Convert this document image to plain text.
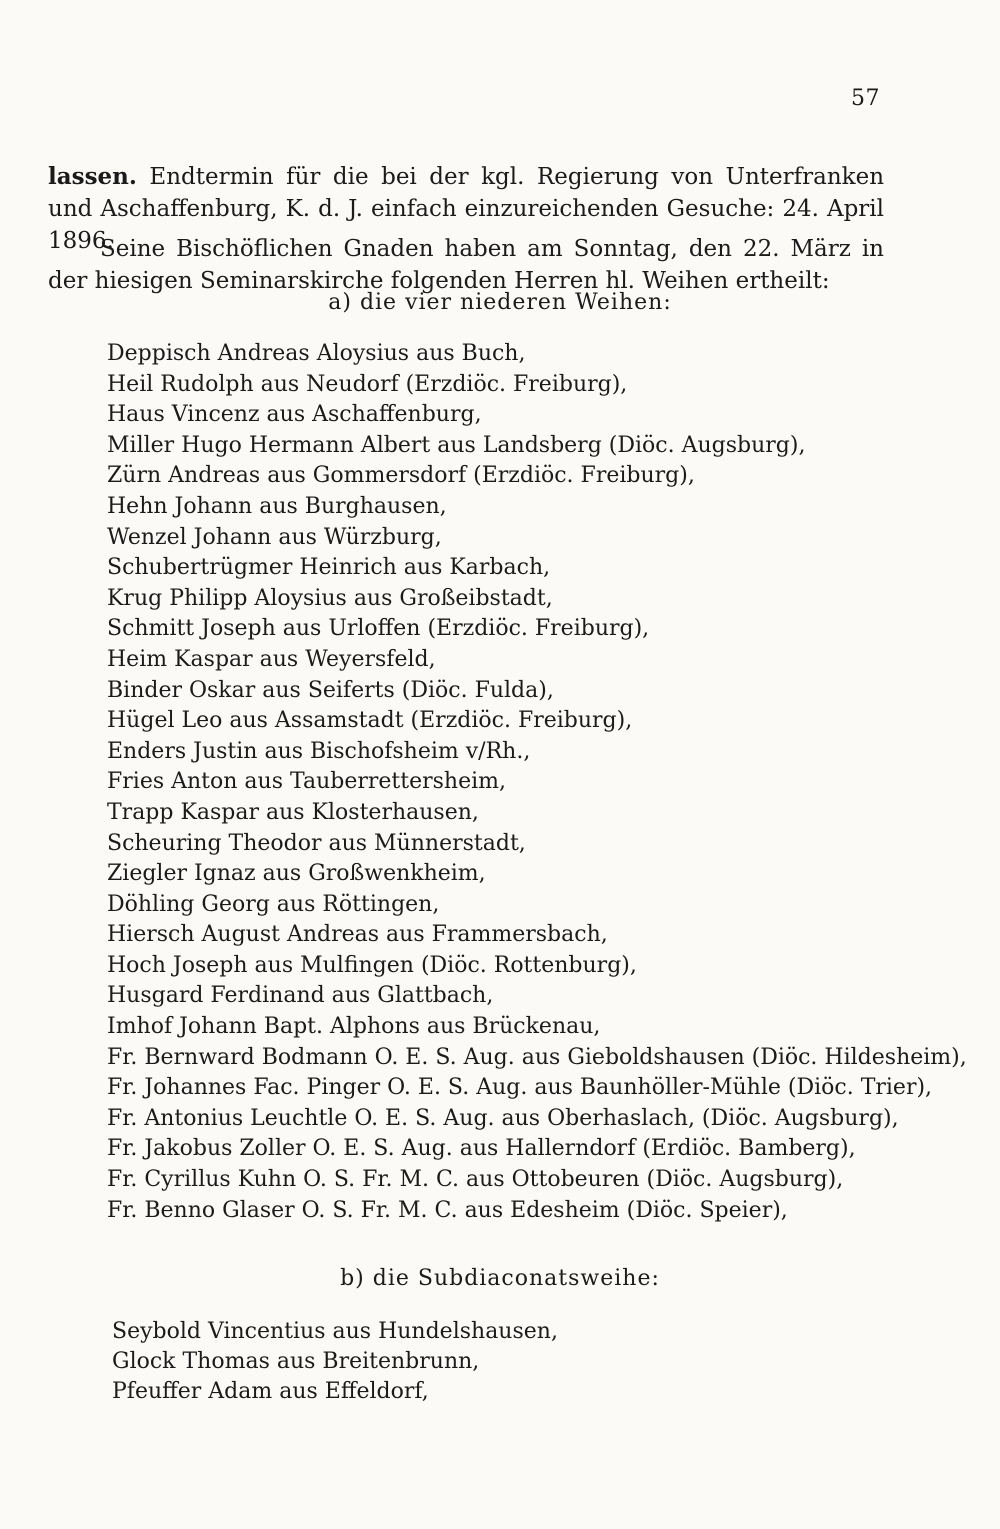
57

lassen. Endtermin für die bei der kgl. Regierung von Unterfranken und Aschaffenburg, K. d. J. einfach einzureichenden Gesuche: 24. April 1896.

Seine Bischöflichen Gnaden haben am Sonntag, den 22. März in der hiesigen Seminarskirche folgenden Herren hl. Weihen ertheilt:

a) die vier niederen Weihen:
Deppisch Andreas Aloysius aus Buch,
Heil Rudolph aus Neudorf (Erzdiöc. Freiburg),
Haus Vincenz aus Aschaffenburg,
Miller Hugo Hermann Albert aus Landsberg (Diöc. Augsburg),
Zürn Andreas aus Gommersdorf (Erzdiöc. Freiburg),
Hehn Johann aus Burghausen,
Wenzel Johann aus Würzburg,
Schubertrügmer Heinrich aus Karbach,
Krug Philipp Aloysius aus Großeibstadt,
Schmitt Joseph aus Urloffen (Erzdiöc. Freiburg),
Heim Kaspar aus Weyersfeld,
Binder Oskar aus Seiferts (Diöc. Fulda),
Hügel Leo aus Assamstadt (Erzdiöc. Freiburg),
Enders Justin aus Bischofsheim v/Rh.,
Fries Anton aus Tauberrettersheim,
Trapp Kaspar aus Klosterhausen,
Scheuring Theodor aus Münnerstadt,
Ziegler Ignaz aus Großwenkheim,
Döhling Georg aus Röttingen,
Hiersch August Andreas aus Frammersbach,
Hoch Joseph aus Mulfingen (Diöc. Rottenburg),
Husgard Ferdinand aus Glattbach,
Imhof Johann Bapt. Alphons aus Brückenau,
Fr. Bernward Bodmann O. E. S. Aug. aus Gieboldshausen (Diöc. Hildesheim),
Fr. Johannes Fac. Pinger O. E. S. Aug. aus Baunhöller-Mühle (Diöc. Trier),
Fr. Antonius Leuchtle O. E. S. Aug. aus Oberhaslach, (Diöc. Augsburg),
Fr. Jakobus Zoller O. E. S. Aug. aus Hallerndorf (Erdiöc. Bamberg),
Fr. Cyrillus Kuhn O. S. Fr. M. C. aus Ottobeuren (Diöc. Augsburg),
Fr. Benno Glaser O. S. Fr. M. C. aus Edesheim (Diöc. Speier),
b) die Subdiaconatsweihe:
Seybold Vincentius aus Hundelshausen,
Glock Thomas aus Breitenbrunn,
Pfeuffer Adam aus Effeldorf,
